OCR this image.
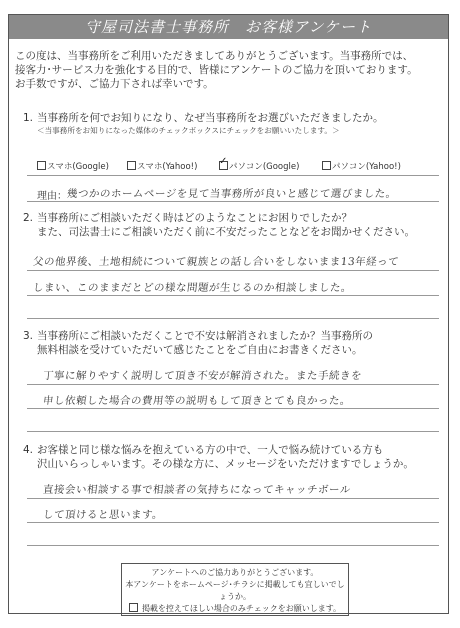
守屋司法書士事務所　お客様アンケート
この度は、当事務所をご利用いただきましてありがとうございます。当事務所では、
接客力･サービス力を強化する目的で、皆様にアンケートのご協力を頂いております。
お手数ですが、ご協力下されば幸いです。
1. 当事務所を何でお知りになり、なぜ当事務所をお選びいただきましたか。
＜当事務所をお知りになった媒体のチェックボックスにチェックをお願いいたします。＞
スマホ(Google)	スマホ(Yahoo!)
✓	パソコン(Google)	パソコン(Yahoo!)
理由： 幾つかのホームページを見て当事務所が良いと感じて選びました。
2. 当事務所にご相談いただく時はどのようなことにお困りでしたか？
また、司法書士にご相談いただく前に不安だったことなどをお聞かせください。
父の他界後、土地相続について親族との話し合いをしないまま13年経って
しまい、このままだとどの様な問題が生じるのか相談しました。
3. 当事務所にご相談いただくことで不安は解消されましたか？当事務所の
無料相談を受けていただいて感じたことをご自由にお書きください。
丁寧に解りやすく説明して頂き不安が解消された。また手続きを
申し依頼した場合の費用等の説明もして頂きとても良かった。
4. お客様と同じ様な悩みを抱えている方の中で、一人で悩み続けている方も
沢山いらっしゃいます。その様な方に、メッセージをいただけますでしょうか。
直接会い相談する事で相談者の気持ちになってキャッチボール
して頂けると思います。
アンケートへのご協力ありがとうございます。
本アンケートをホームページ･チラシに掲載しても宜しいでしょうか。
掲載を控えてほしい場合のみチェックをお願いします。
